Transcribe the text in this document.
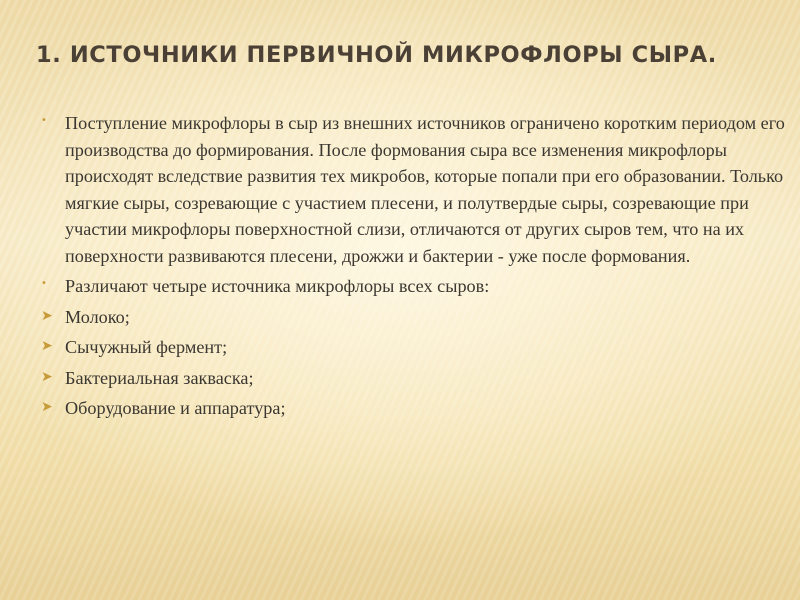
1. ИСТОЧНИКИ ПЕРВИЧНОЙ МИКРОФЛОРЫ СЫРА.
• Поступление микрофлоры в сыр из внешних источников ограничено коротким периодом его производства до формирования. После формования сыра все изменения микрофлоры происходят вследствие развития тех микробов, которые попали при его образовании. Только мягкие сыры, созревающие с участием плесени, и полутвердые сыры, созревающие при участии микрофлоры поверхностной слизи, отличаются от других сыров тем, что на их поверхности развиваются плесени, дрожжи и бактерии - уже после формования.
• Различают четыре источника микрофлоры всех сыров:
➤ Молоко;
➤ Сычужный фермент;
➤ Бактериальная закваска;
➤ Оборудование и аппаратура;
